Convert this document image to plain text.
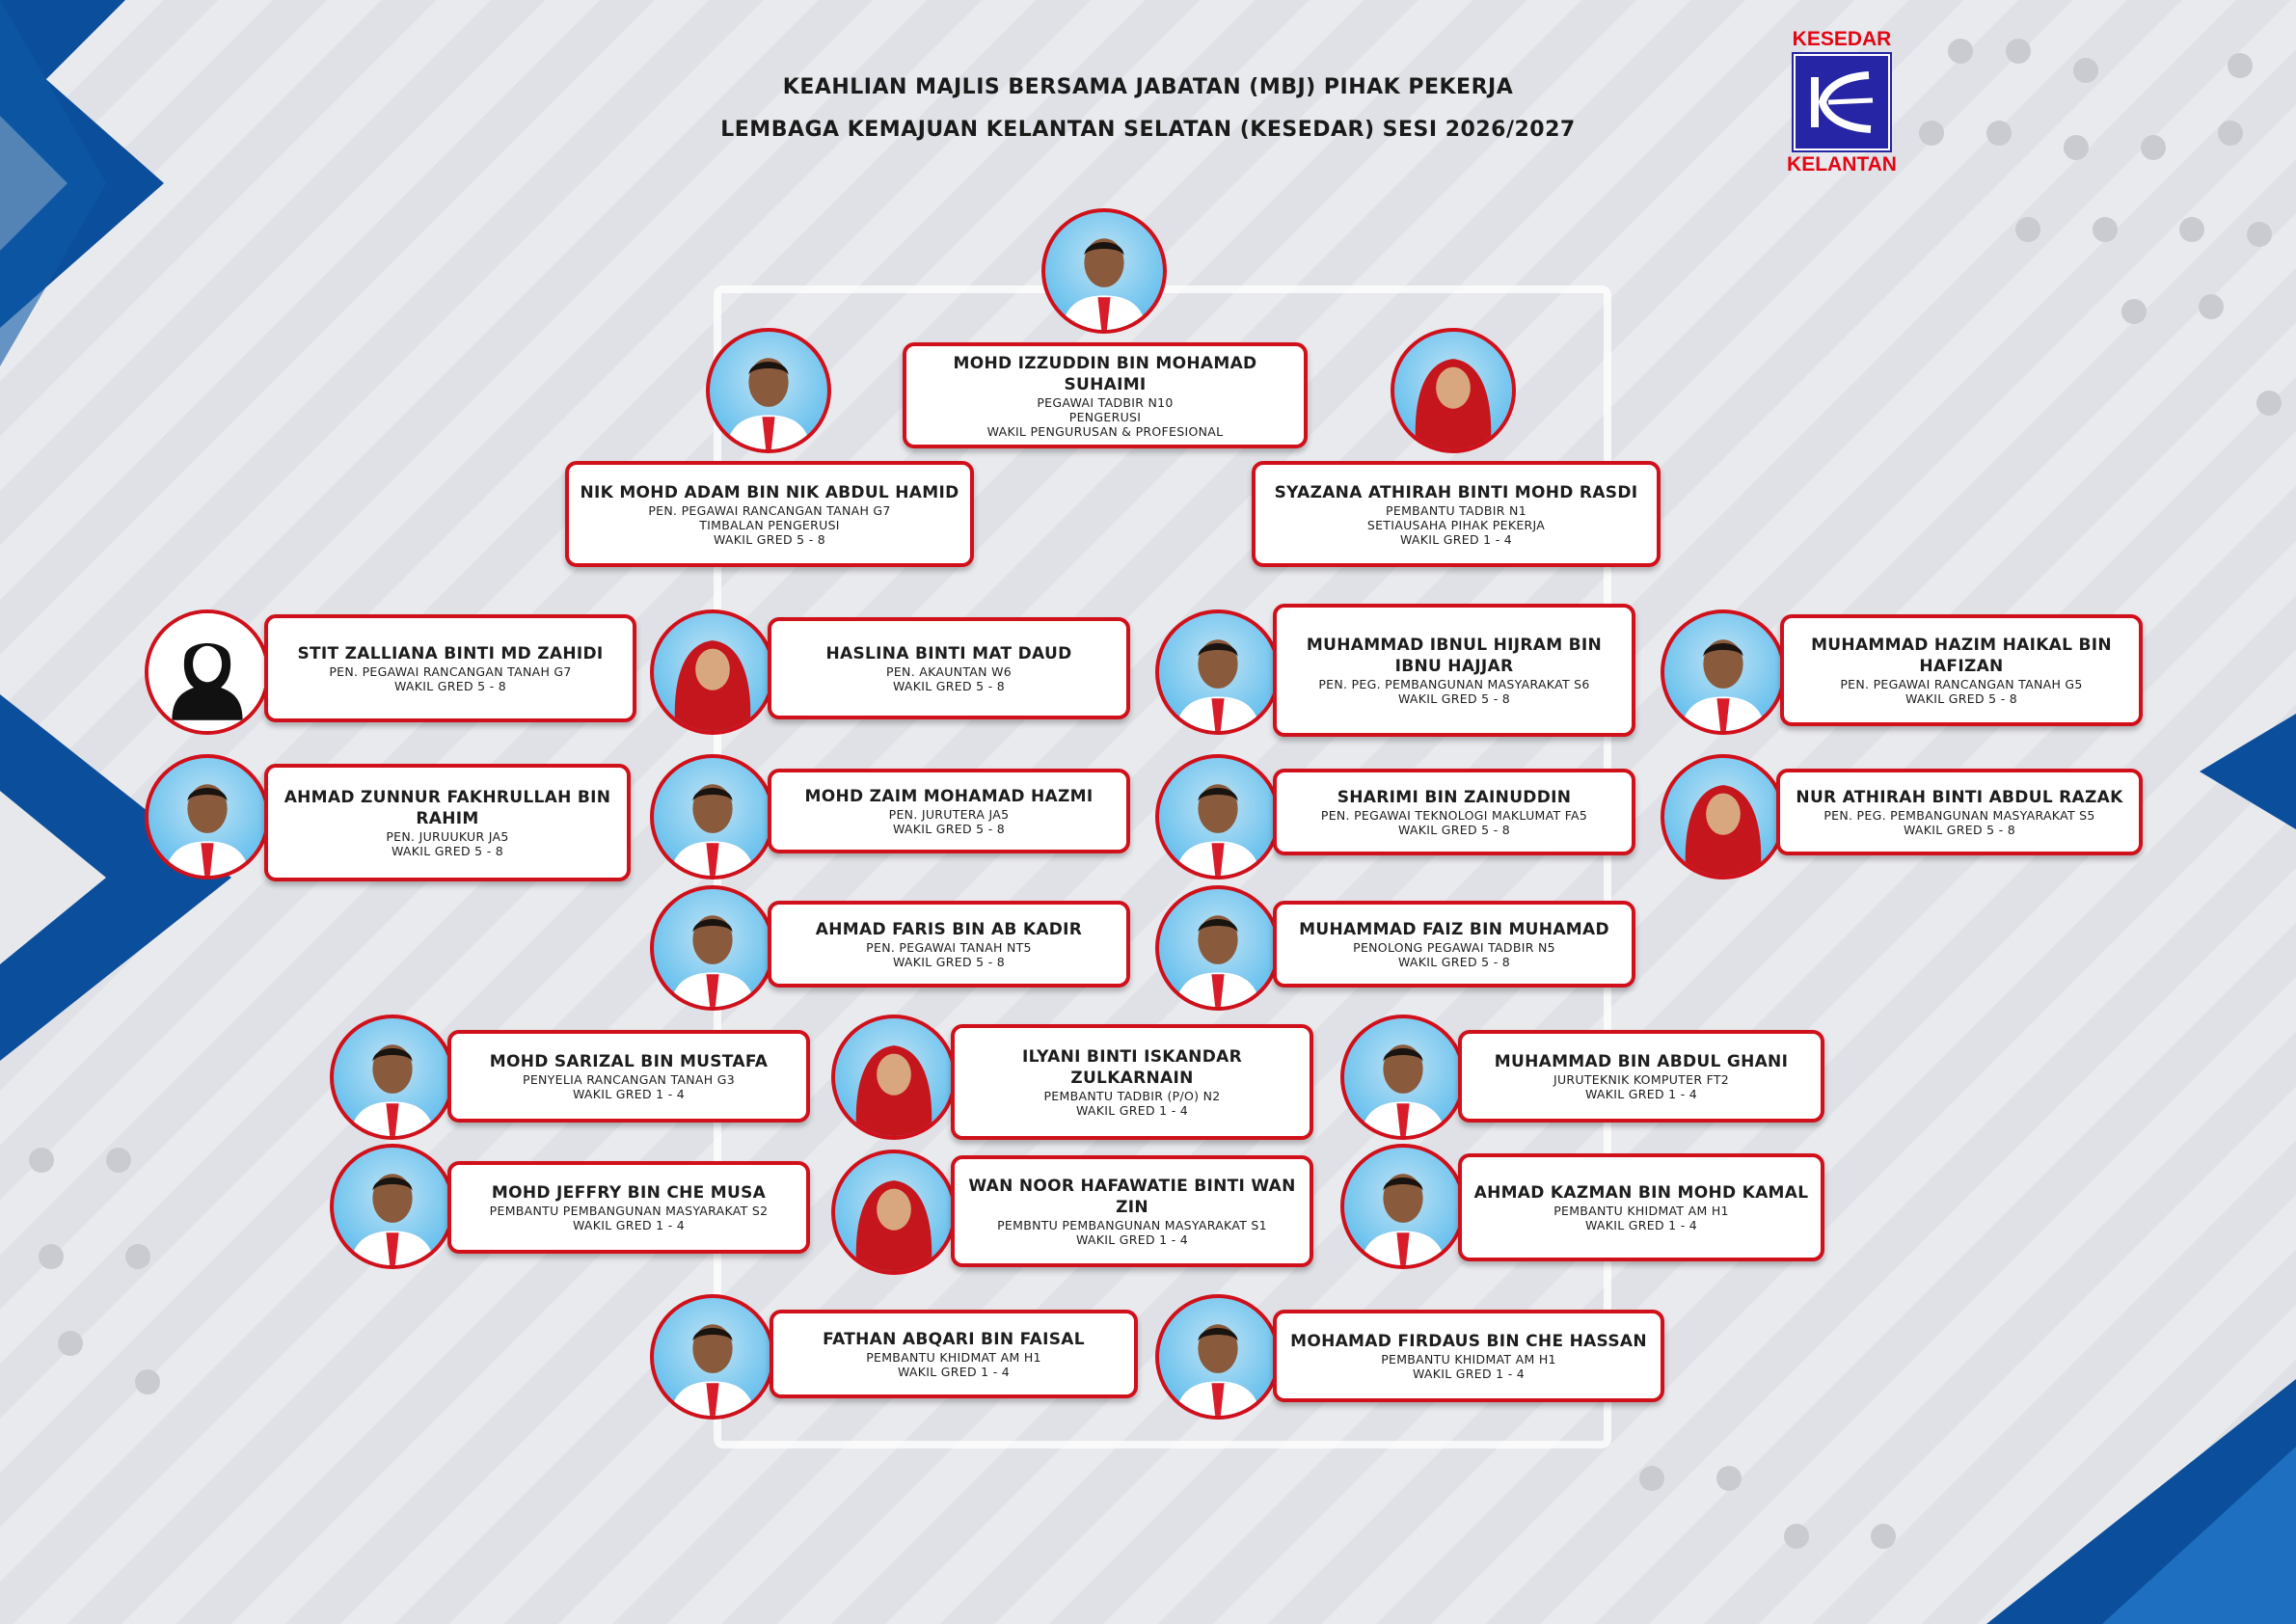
KEAHLIAN MAJLIS BERSAMA JABATAN (MBJ) PIHAK PEKERJA
LEMBAGA KEMAJUAN KELANTAN SELATAN (KESEDAR) SESI 2026/2027
KESEDAR
KELANTAN
MOHD IZZUDDIN BIN MOHAMAD SUHAIMI
PEGAWAI TADBIR N10
PENGERUSI
WAKIL PENGURUSAN & PROFESIONAL
NIK MOHD ADAM BIN NIK ABDUL HAMID
PEN. PEGAWAI RANCANGAN TANAH G7
TIMBALAN PENGERUSI
WAKIL GRED 5 - 8
SYAZANA ATHIRAH BINTI MOHD RASDI
PEMBANTU TADBIR N1
SETIAUSAHA PIHAK PEKERJA
WAKIL GRED 1 - 4
STIT ZALLIANA BINTI MD ZAHIDI
PEN. PEGAWAI RANCANGAN TANAH G7
WAKIL GRED 5 - 8
HASLINA BINTI MAT DAUD
PEN. AKAUNTAN W6
WAKIL GRED 5 - 8
MUHAMMAD IBNUL HIJRAM BIN IBNU HAJJAR
PEN. PEG. PEMBANGUNAN MASYARAKAT S6
WAKIL GRED 5 - 8
MUHAMMAD HAZIM HAIKAL BIN HAFIZAN
PEN. PEGAWAI RANCANGAN TANAH G5
WAKIL GRED 5 - 8
AHMAD ZUNNUR FAKHRULLAH BIN RAHIM
PEN. JURUUKUR JA5
WAKIL GRED 5 - 8
MOHD ZAIM MOHAMAD HAZMI
PEN. JURUTERA JA5
WAKIL GRED 5 - 8
SHARIMI BIN ZAINUDDIN
PEN. PEGAWAI TEKNOLOGI MAKLUMAT FA5
WAKIL GRED 5 - 8
NUR ATHIRAH BINTI ABDUL RAZAK
PEN. PEG. PEMBANGUNAN MASYARAKAT S5
WAKIL GRED 5 - 8
AHMAD FARIS BIN AB KADIR
PEN. PEGAWAI TANAH NT5
WAKIL GRED 5 - 8
MUHAMMAD FAIZ BIN MUHAMAD
PENOLONG PEGAWAI TADBIR N5
WAKIL GRED 5 - 8
MOHD SARIZAL BIN MUSTAFA
PENYELIA RANCANGAN TANAH G3
WAKIL GRED 1 - 4
ILYANI BINTI ISKANDAR ZULKARNAIN
PEMBANTU TADBIR (P/O) N2
WAKIL GRED 1 - 4
MUHAMMAD BIN ABDUL GHANI
JURUTEKNIK KOMPUTER FT2
WAKIL GRED 1 - 4
MOHD JEFFRY BIN CHE MUSA
PEMBANTU PEMBANGUNAN MASYARAKAT S2
WAKIL GRED 1 - 4
WAN NOOR HAFAWATIE BINTI WAN ZIN
PEMBNTU PEMBANGUNAN MASYARAKAT S1
WAKIL GRED 1 - 4
AHMAD KAZMAN BIN MOHD KAMAL
PEMBANTU KHIDMAT AM H1
WAKIL GRED 1 - 4
FATHAN ABQARI BIN FAISAL
PEMBANTU KHIDMAT AM H1
WAKIL GRED 1 - 4
MOHAMAD FIRDAUS BIN CHE HASSAN
PEMBANTU KHIDMAT AM H1
WAKIL GRED 1 - 4
